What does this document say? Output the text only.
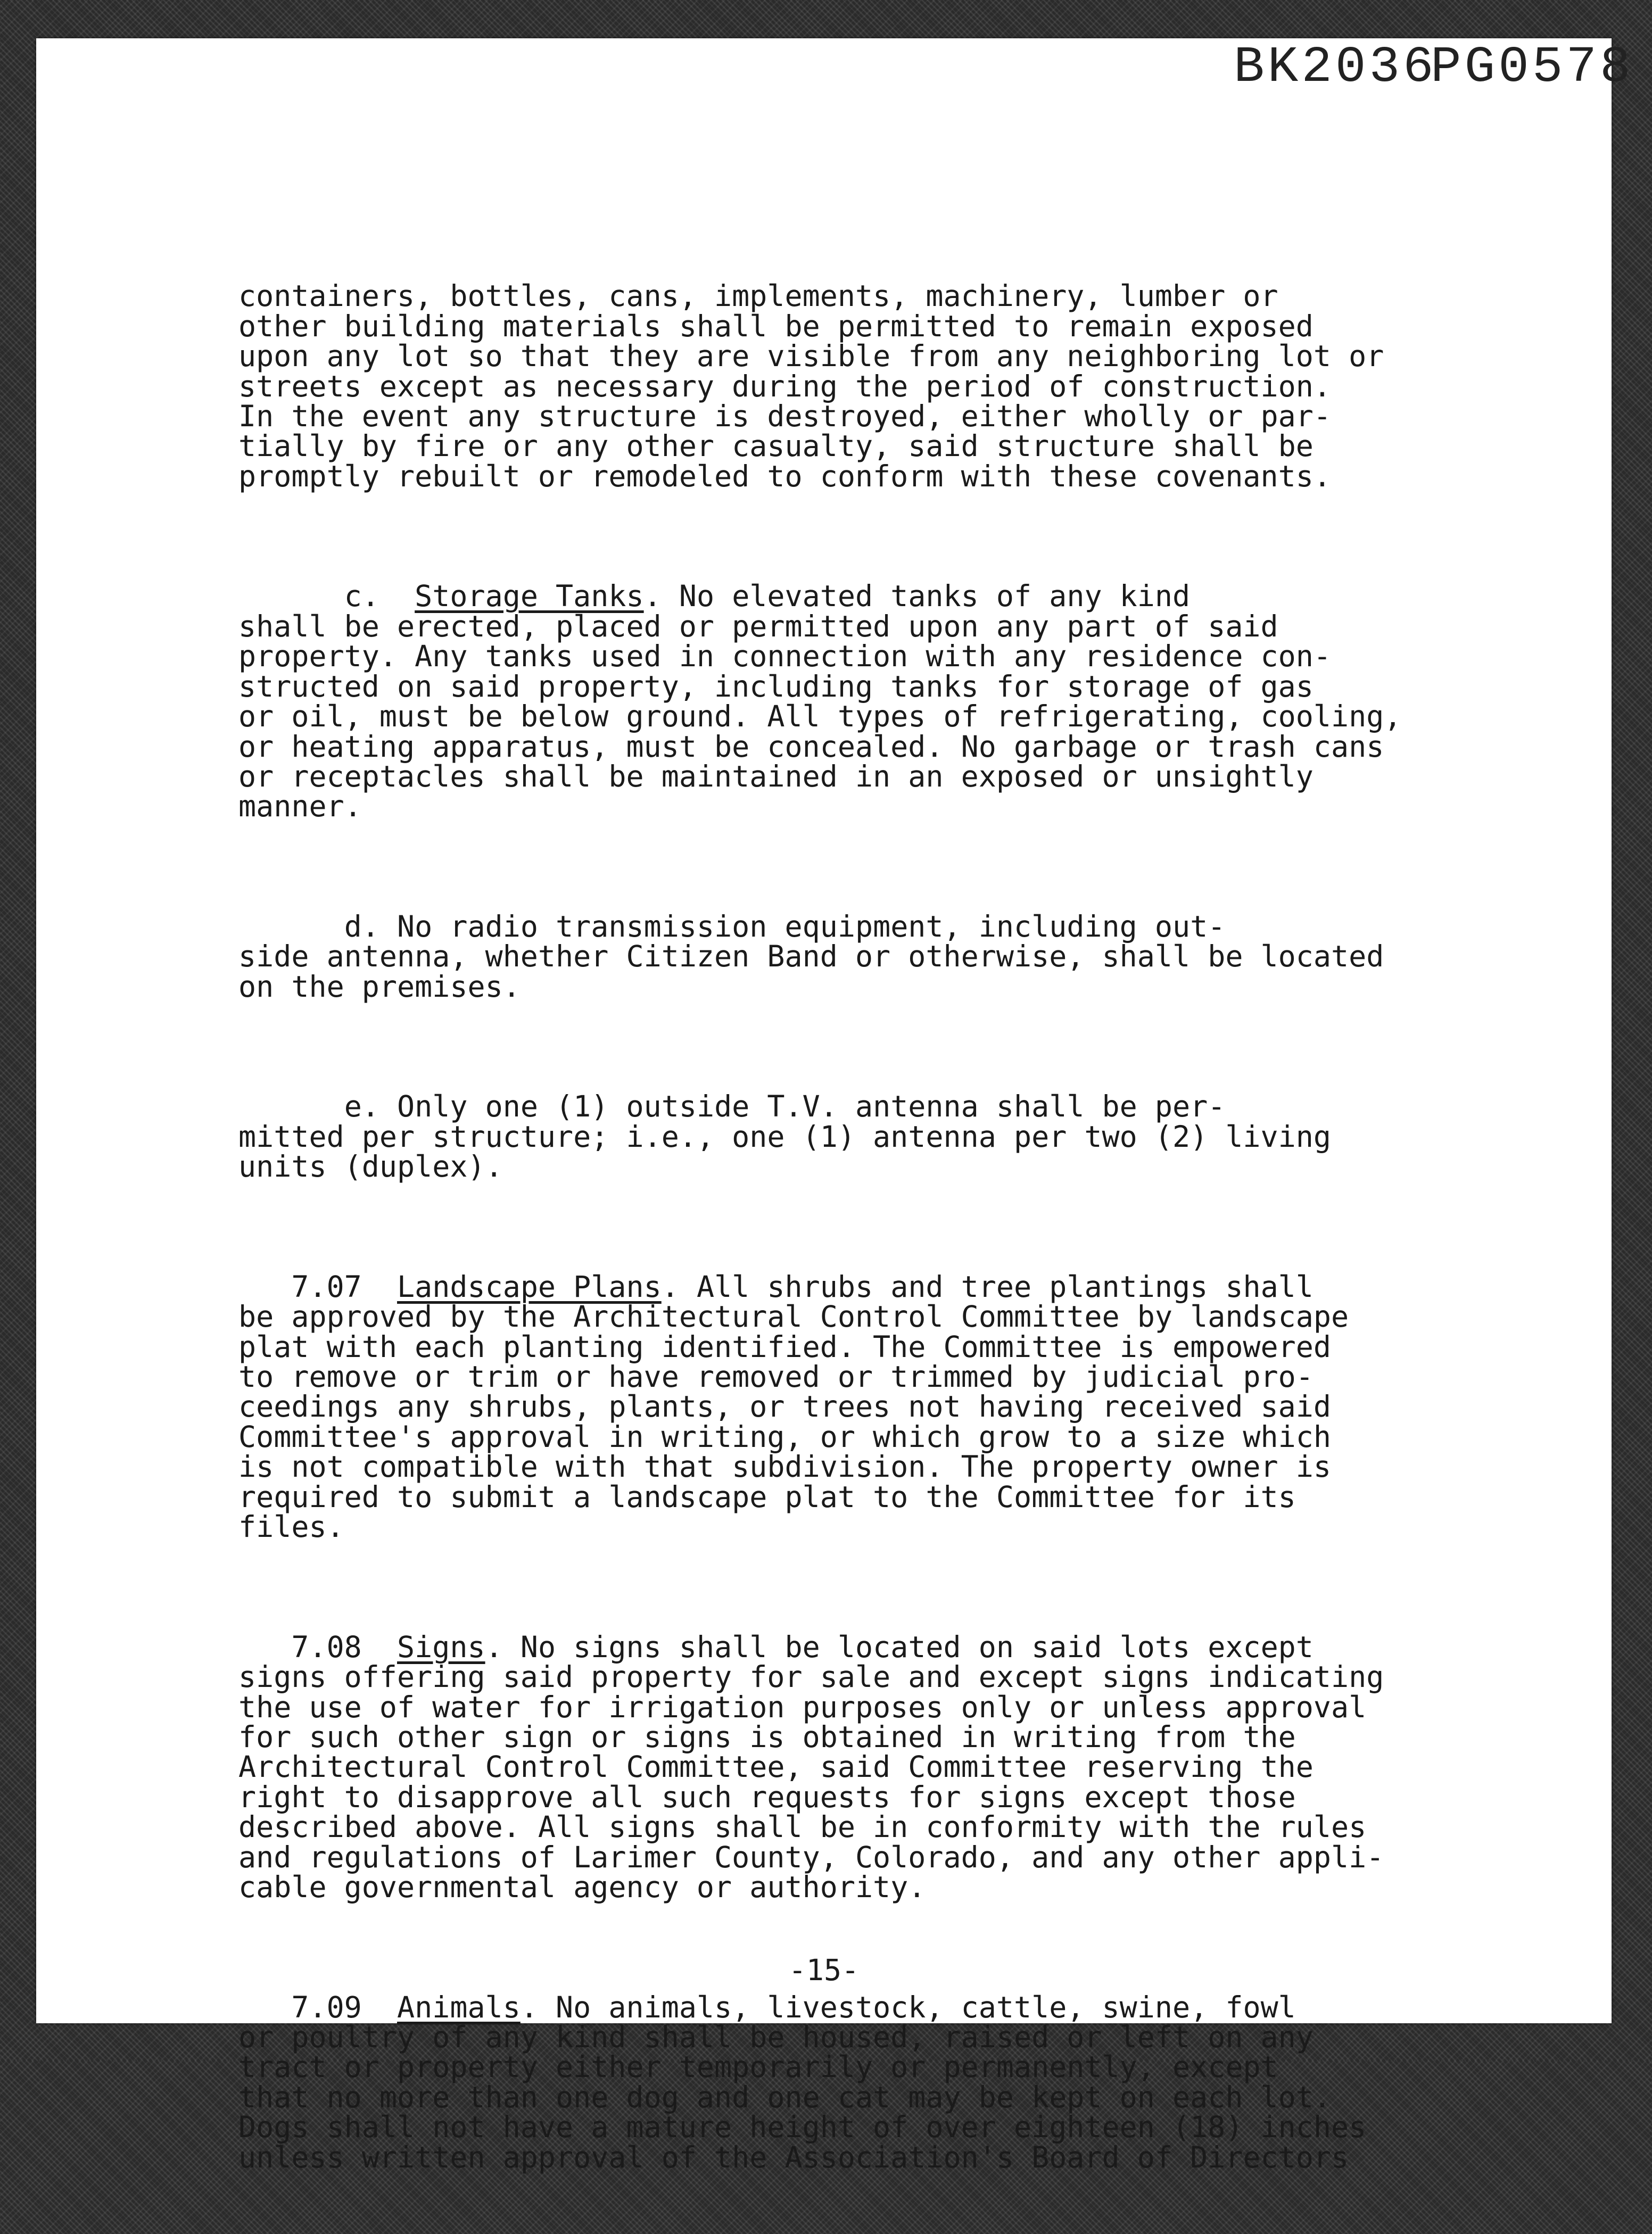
BK2036
PG0578

containers, bottles, cans, implements, machinery, lumber or
other building materials shall be permitted to remain exposed
upon any lot so that they are visible from any neighboring lot or
streets except as necessary during the period of construction.
In the event any structure is destroyed, either wholly or par-
tially by fire or any other casualty, said structure shall be
promptly rebuilt or remodeled to conform with these covenants.

c. Storage Tanks. No elevated tanks of any kind
shall be erected, placed or permitted upon any part of said
property. Any tanks used in connection with any residence con-
structed on said property, including tanks for storage of gas
or oil, must be below ground. All types of refrigerating, cooling,
or heating apparatus, must be concealed. No garbage or trash cans
or receptacles shall be maintained in an exposed or unsightly
manner.

d. No radio transmission equipment, including out-
side antenna, whether Citizen Band or otherwise, shall be located
on the premises.

e. Only one (1) outside T.V. antenna shall be per-
mitted per structure; i.e., one (1) antenna per two (2) living
units (duplex).

7.07 Landscape Plans. All shrubs and tree plantings shall
be approved by the Architectural Control Committee by landscape
plat with each planting identified. The Committee is empowered
to remove or trim or have removed or trimmed by judicial pro-
ceedings any shrubs, plants, or trees not having received said
Committee's approval in writing, or which grow to a size which
is not compatible with that subdivision. The property owner is
required to submit a landscape plat to the Committee for its
files.

7.08 Signs. No signs shall be located on said lots except
signs offering said property for sale and except signs indicating
the use of water for irrigation purposes only or unless approval
for such other sign or signs is obtained in writing from the
Architectural Control Committee, said Committee reserving the
right to disapprove all such requests for signs except those
described above. All signs shall be in conformity with the rules
and regulations of Larimer County, Colorado, and any other appli-
cable governmental agency or authority.

7.09 Animals. No animals, livestock, cattle, swine, fowl
or poultry of any kind shall be housed, raised or left on any
tract or property either temporarily or permanently, except
that no more than one dog and one cat may be kept on each lot.
Dogs shall not have a mature height of over eighteen (18) inches
unless written approval of the Association's Board of Directors

-15-
